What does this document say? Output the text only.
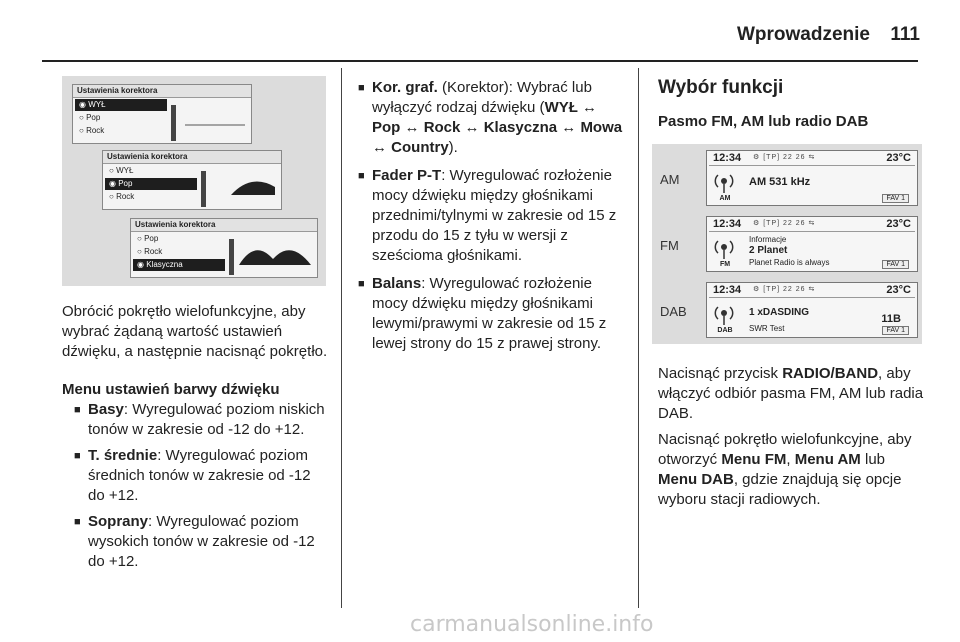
Wprowadzenie 111
Ustawienia korektora
◉ WYŁ
○ Pop
○ Rock
Ustawienia korektora
○ WYŁ
◉ Pop
○ Rock
Ustawienia korektora
○ Pop
○ Rock
◉ Klasyczna

Obrócić pokrętło wielofunkcyjne, aby wybrać żądaną wartość ustawień dźwięku, a następnie nacisnąć pokrętło.

Menu ustawień barwy dźwięku

■ Basy: Wyregulować poziom niskich tonów w zakresie od -12 do +12.

■ T. średnie: Wyregulować poziom średnich tonów w zakresie od -12 do +12.

■ Soprany: Wyregulować poziom wysokich tonów w zakresie od -12 do +12.

■ Kor. graf. (Korektor): Wybrać lub wyłączyć rodzaj dźwięku (WYŁ ↔ Pop ↔ Rock ↔ Klasyczna ↔ Mowa ↔ Country).

■ Fader P-T: Wyregulować rozłożenie mocy dźwięku między głośnikami przednimi/tylnymi w zakresie od 15 z przodu do 15 z tyłu w wersji z sześcioma głośnikami.

■ Balans: Wyregulować rozłożenie mocy dźwięku między głośnikami lewymi/prawymi w zakresie od 15 z lewej strony do 15 z prawej strony.

Wybór funkcji

Pasmo FM, AM lub radio DAB

AM
12:34 ⚙ [TP] 22 26 ⇆	23°C
AM
AM 531 kHz
FAV 1
FM
12:34 ⚙ [TP] 22 26 ⇆	23°C
FM
Informacje
2 Planet
Planet Radio is always	FAV 1
DAB
12:34 ⚙ [TP] 22 26 ⇆	23°C
DAB
1 xDASDING
11B
SWR Test	FAV 1

Nacisnąć przycisk RADIO/BAND, aby włączyć odbiór pasma FM, AM lub radia DAB.

Nacisnąć pokrętło wielofunkcyjne, aby otworzyć Menu FM, Menu AM lub Menu DAB, gdzie znajdują się opcje wyboru stacji radiowych.

carmanualsonline.info
